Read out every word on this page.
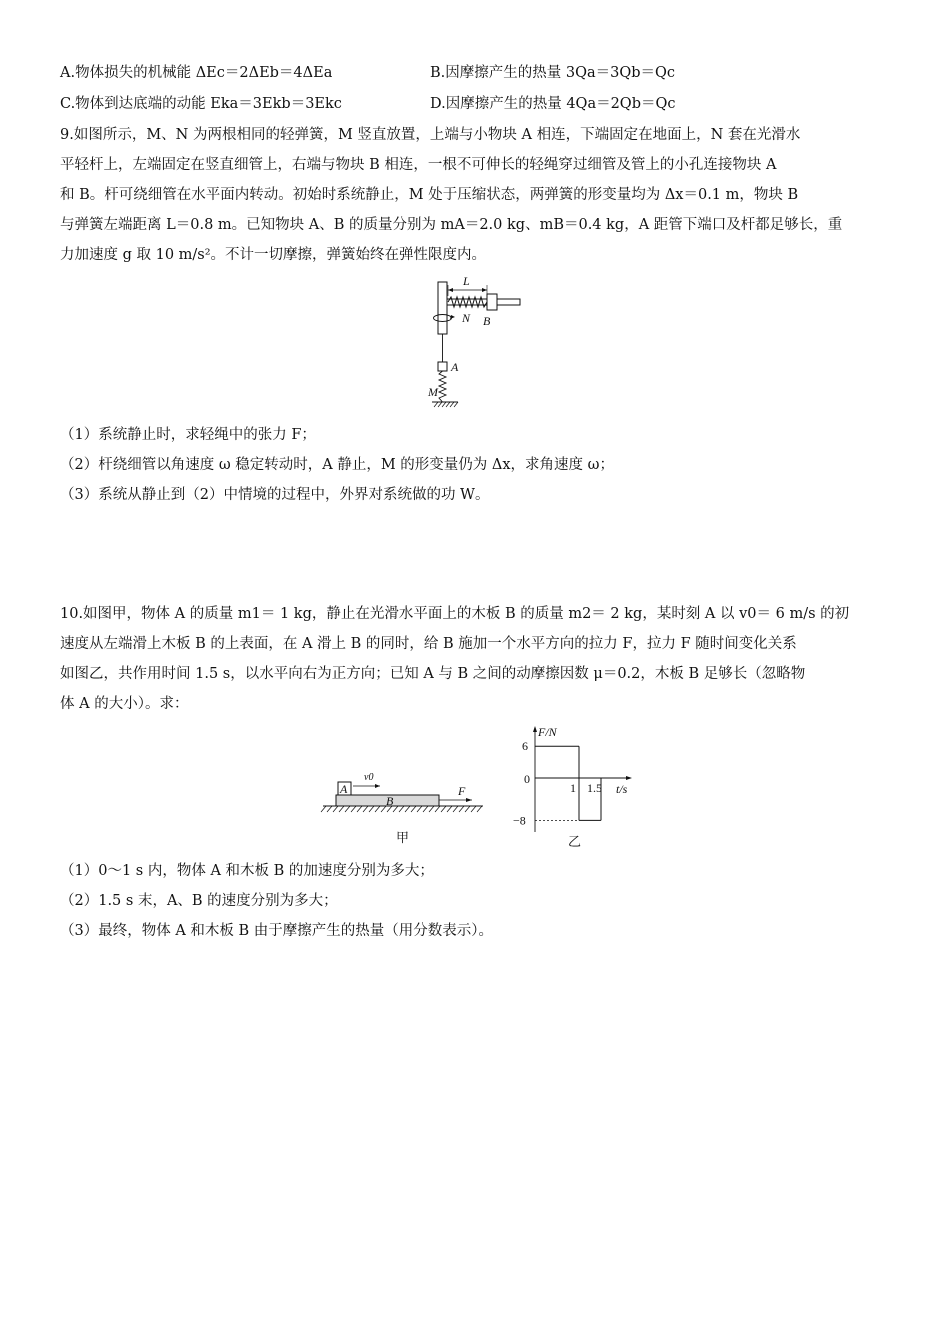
A.物体损失的机械能 ΔEc＝2ΔEb＝4ΔEa	B.因摩擦产生的热量 3Qa＝3Qb＝Qc
C.物体到达底端的动能 Eka＝3Ekb＝3Ekc	D.因摩擦产生的热量 4Qa＝2Qb＝Qc
9.如图所示，M、N 为两根相同的轻弹簧，M 竖直放置，上端与小物块 A 相连，下端固定在地面上，N 套在光滑水
平轻杆上，左端固定在竖直细管上，右端与物块 B 相连，一根不可伸长的轻绳穿过细管及管上的小孔连接物块 A
和 B。杆可绕细管在水平面内转动。初始时系统静止，M 处于压缩状态，两弹簧的形变量均为 Δx＝0.1 m，物块 B
与弹簧左端距离 L＝0.8 m。已知物块 A、B 的质量分别为 mA＝2.0 kg、mB＝0.4 kg，A 距管下端口及杆都足够长，重
力加速度 g 取 10 m/s²。不计一切摩擦，弹簧始终在弹性限度内。
L
N B
A
M
（1）系统静止时，求轻绳中的张力 F；
（2）杆绕细管以角速度 ω 稳定转动时，A 静止，M 的形变量仍为 Δx，求角速度 ω；
（3）系统从静止到（2）中情境的过程中，外界对系统做的功 W。
10.如图甲，物体 A 的质量 m1＝ 1 kg，静止在光滑水平面上的木板 B 的质量 m2＝ 2 kg，某时刻 A 以 v0＝ 6 m/s 的初
速度从左端滑上木板 B 的上表面，在 A 滑上 B 的同时，给 B 施加一个水平方向的拉力 F，拉力 F 随时间变化关系
如图乙，共作用时间 1.5 s，以水平向右为正方向；已知 A 与 B 之间的动摩擦因数 μ＝0.2，木板 B 足够长（忽略物
体 A 的大小）。求：
B
A
v0
F
甲
F/N
t/s
6
0
−8
1 1.5
乙
（1）0～1 s 内，物体 A 和木板 B 的加速度分别为多大；
（2）1.5 s 末，A、B 的速度分别为多大；
（3）最终，物体 A 和木板 B 由于摩擦产生的热量（用分数表示）。
